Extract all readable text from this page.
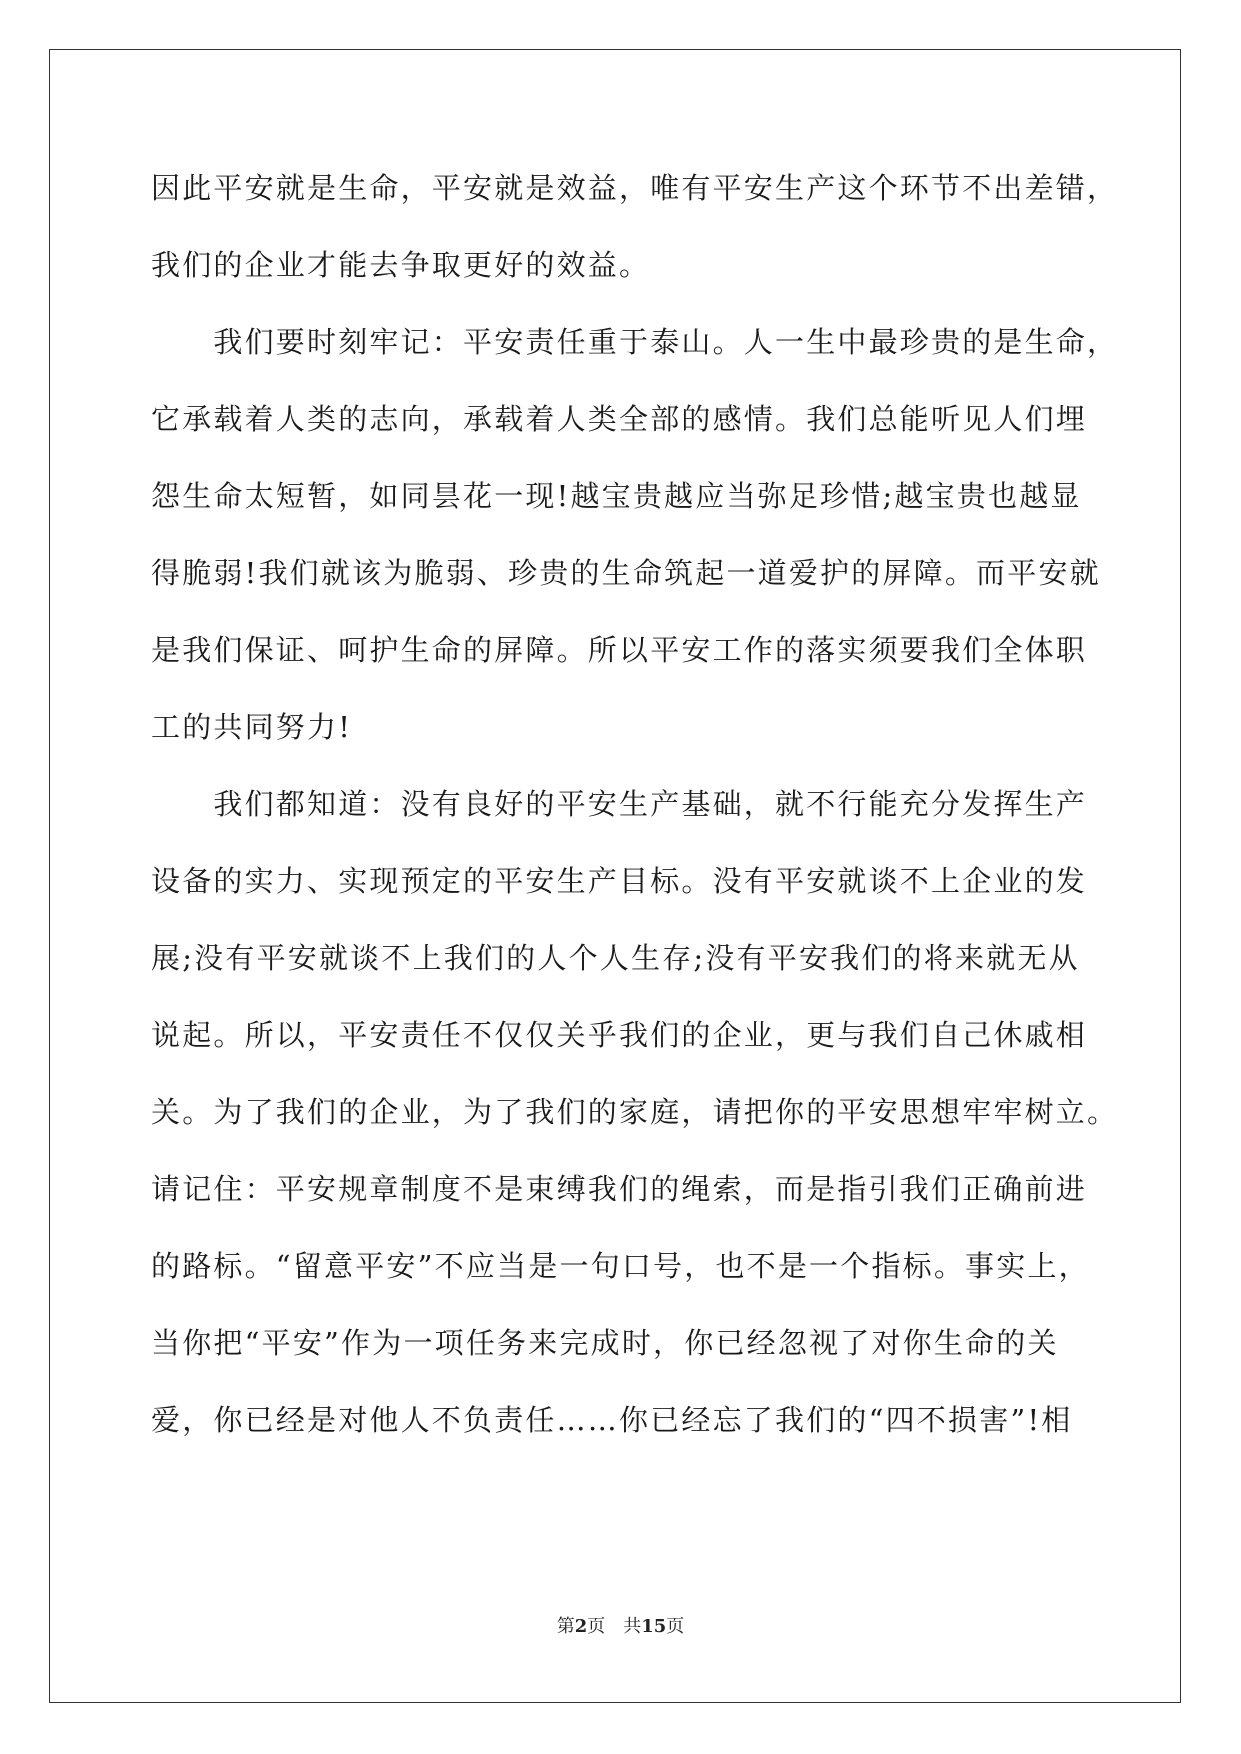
因此平安就是生命，平安就是效益，唯有平安生产这个环节不出差错，
我们的企业才能去争取更好的效益。
　　我们要时刻牢记：平安责任重于泰山。人一生中最珍贵的是生命，
它承载着人类的志向，承载着人类全部的感情。我们总能听见人们埋
怨生命太短暂，如同昙花一现!越宝贵越应当弥足珍惜;越宝贵也越显
得脆弱!我们就该为脆弱、珍贵的生命筑起一道爱护的屏障。而平安就
是我们保证、呵护生命的屏障。所以平安工作的落实须要我们全体职
工的共同努力!
　　我们都知道：没有良好的平安生产基础，就不行能充分发挥生产
设备的实力、实现预定的平安生产目标。没有平安就谈不上企业的发
展;没有平安就谈不上我们的人个人生存;没有平安我们的将来就无从
说起。所以，平安责任不仅仅关乎我们的企业，更与我们自己休戚相
关。为了我们的企业，为了我们的家庭，请把你的平安思想牢牢树立。
请记住：平安规章制度不是束缚我们的绳索，而是指引我们正确前进
的路标。“留意平安”不应当是一句口号，也不是一个指标。事实上，
当你把“平安”作为一项任务来完成时，你已经忽视了对你生命的关
爱，你已经是对他人不负责任……你已经忘了我们的“四不损害”!相
第2页 共15页
